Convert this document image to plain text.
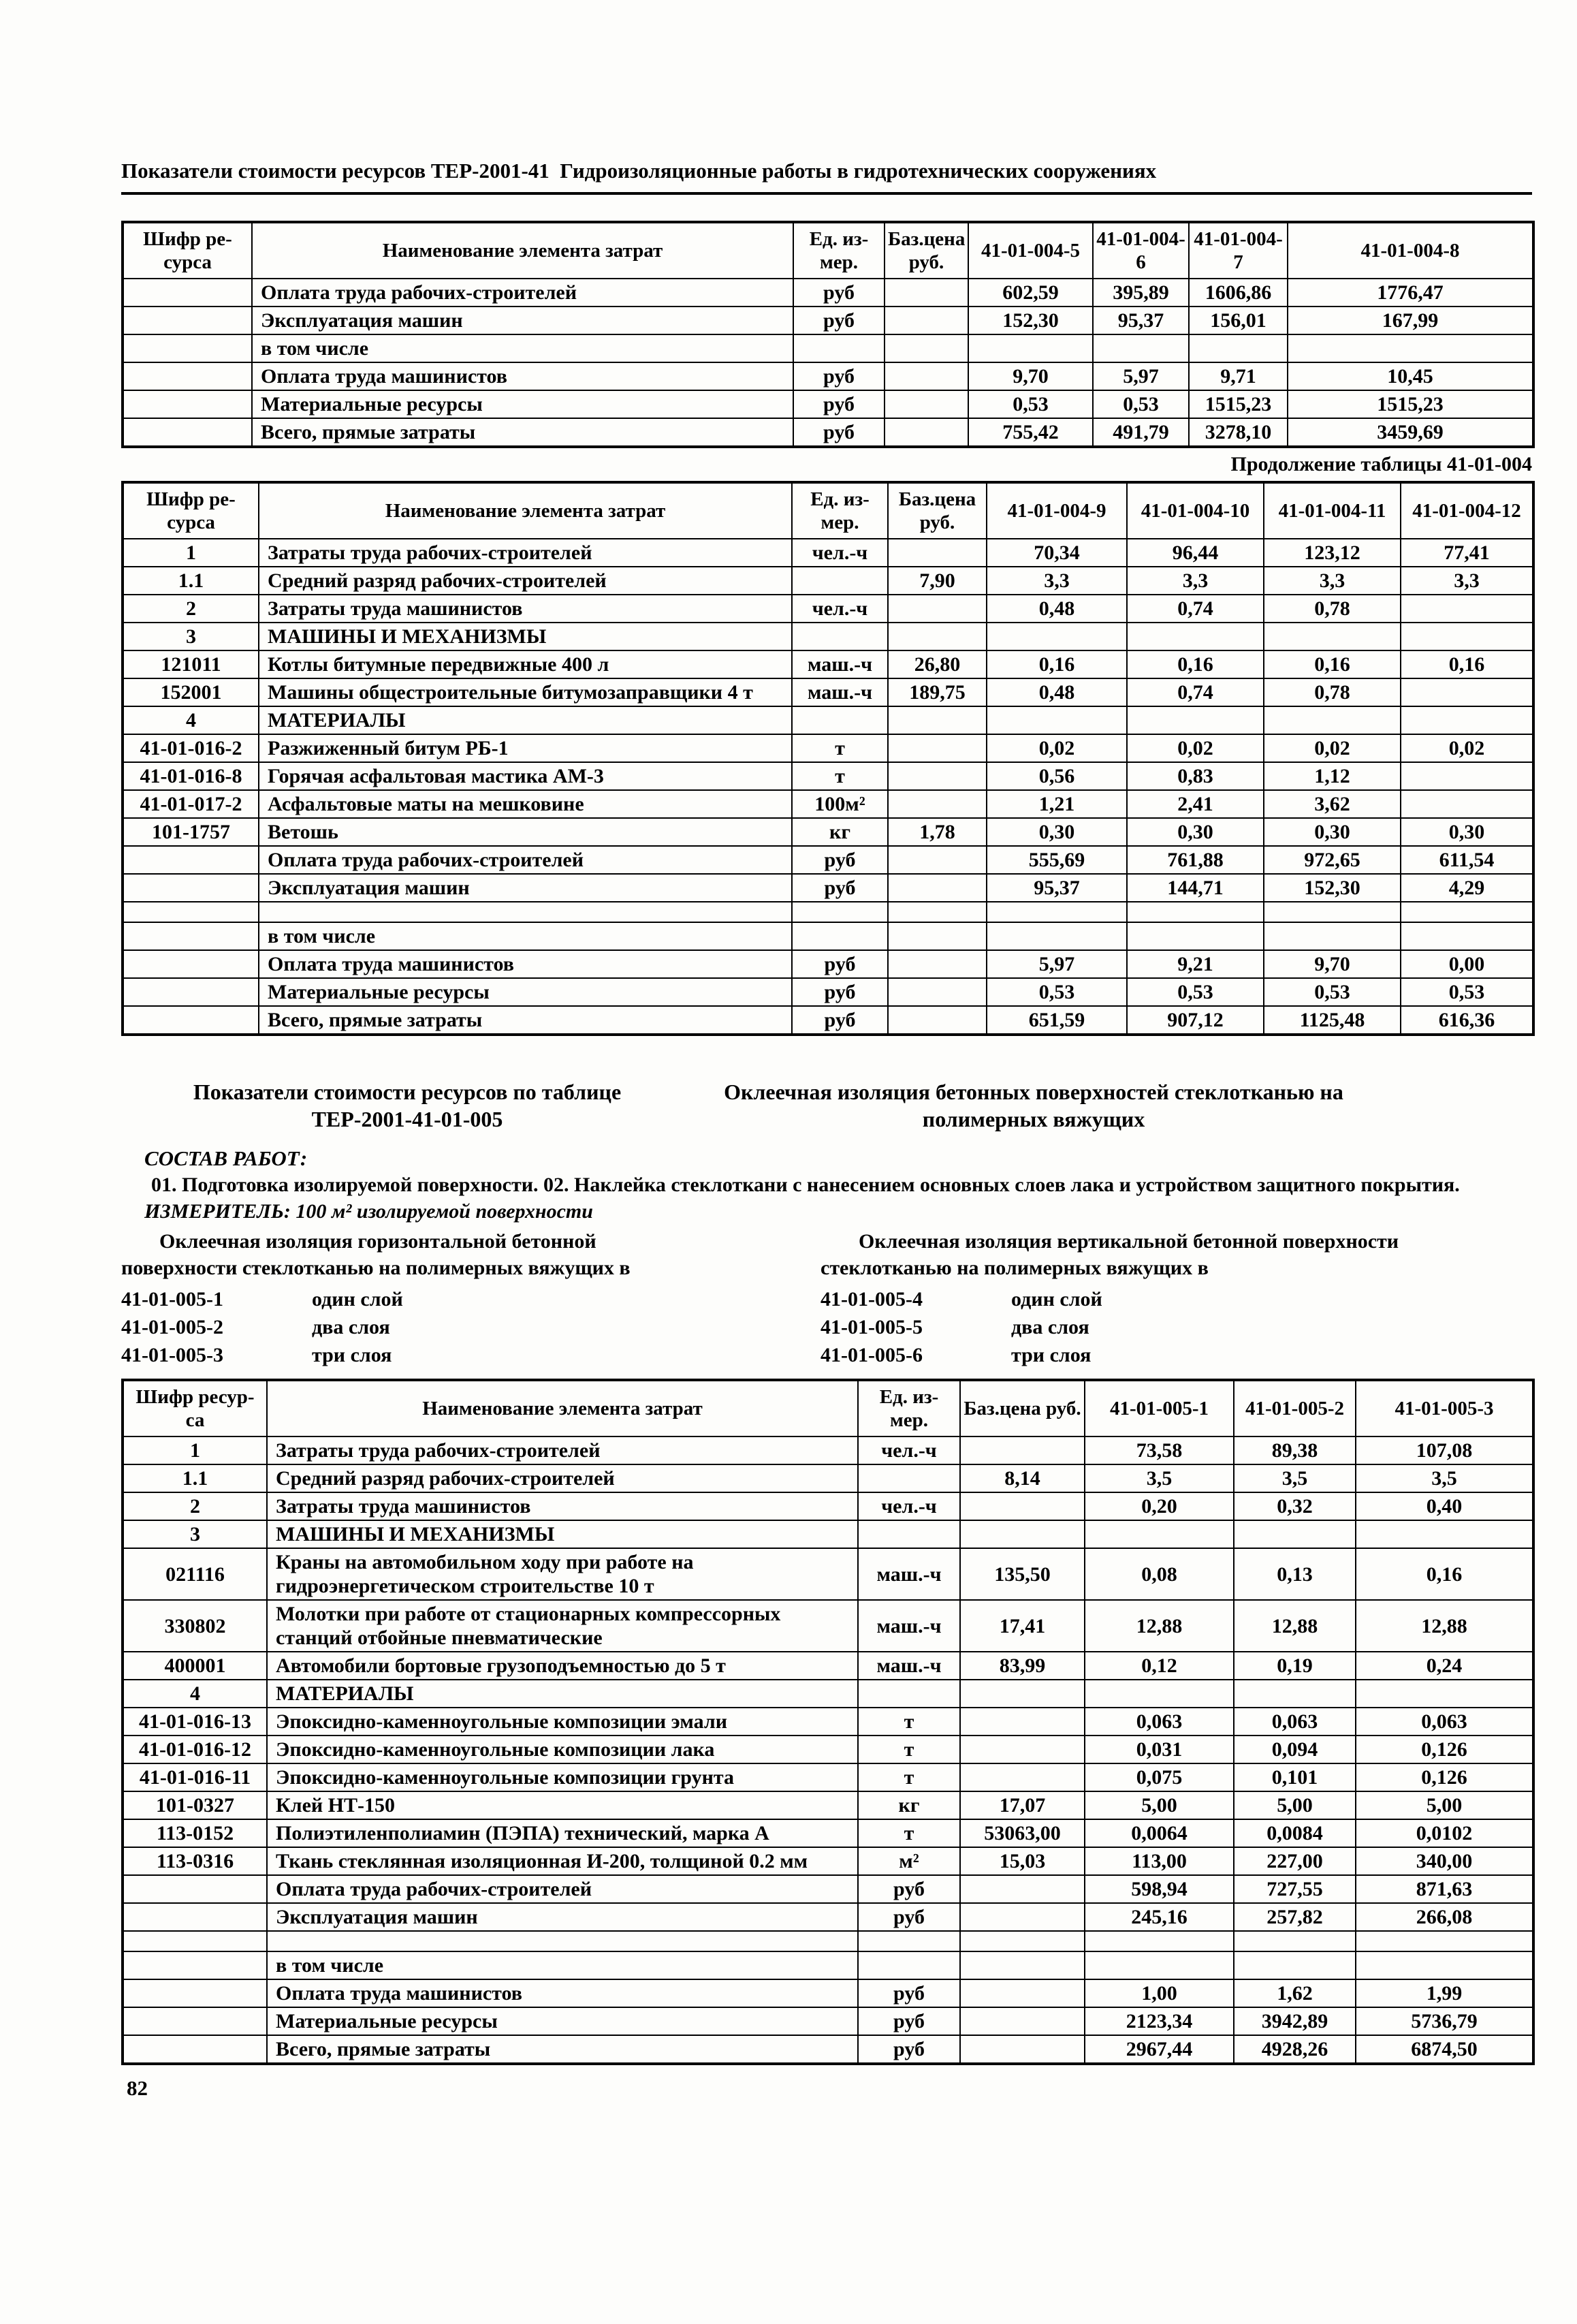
Показатели стоимости ресурсов ТЕР-2001-41  Гидроизоляционные работы в гидротехнических сооружениях
Шифр ре-сурса	Наименование элемента затрат	Ед. из-мер.	Баз.цена руб.	41-01-004-5	41-01-004-6	41-01-004-7	41-01-004-8
	Оплата труда рабочих-строителей	руб		602,59	395,89	1606,86	1776,47
	Эксплуатация машин	руб		152,30	95,37	156,01	167,99
	в том числе						
	Оплата труда машинистов	руб		9,70	5,97	9,71	10,45
	Материальные ресурсы	руб		0,53	0,53	1515,23	1515,23
	Всего, прямые затраты	руб		755,42	491,79	3278,10	3459,69
Продолжение таблицы 41-01-004
Шифр ре-сурса	Наименование элемента затрат	Ед. из-мер.	Баз.цена руб.	41-01-004-9	41-01-004-10	41-01-004-11	41-01-004-12
1	Затраты труда рабочих-строителей	чел.-ч		70,34	96,44	123,12	77,41
1.1	Средний разряд рабочих-строителей		7,90	3,3	3,3	3,3	3,3
2	Затраты труда машинистов	чел.-ч		0,48	0,74	0,78	
3	МАШИНЫ И МЕХАНИЗМЫ						
121011	Котлы битумные передвижные 400 л	маш.-ч	26,80	0,16	0,16	0,16	0,16
152001	Машины общестроительные битумозаправщики 4 т	маш.-ч	189,75	0,48	0,74	0,78	
4	МАТЕРИАЛЫ						
41-01-016-2	Разжиженный битум РБ-1	т		0,02	0,02	0,02	0,02
41-01-016-8	Горячая асфальтовая мастика АМ-3	т		0,56	0,83	1,12	
41-01-017-2	Асфальтовые маты на мешковине	100м²		1,21	2,41	3,62	
101-1757	Ветошь	кг	1,78	0,30	0,30	0,30	0,30
	Оплата труда рабочих-строителей	руб		555,69	761,88	972,65	611,54
	Эксплуатация машин	руб		95,37	144,71	152,30	4,29

	в том числе						
	Оплата труда машинистов	руб		5,97	9,21	9,70	0,00
	Материальные ресурсы	руб		0,53	0,53	0,53	0,53
	Всего, прямые затраты	руб		651,59	907,12	1125,48	616,36
Показатели стоимости ресурсов по таблице
ТЕР-2001-41-01-005
Оклеечная изоляция бетонных поверхностей стеклотканью на полимерных вяжущих
СОСТАВ РАБОТ:

01. Подготовка изолируемой поверхности. 02. Наклейка стеклоткани с нанесением основных слоев лака и устройством защитного покрытия.

ИЗМЕРИТЕЛЬ: 100 м² изолируемой поверхности

Оклеечная изоляция горизонтальной бетонной поверхности стеклотканью на полимерных вяжущих в

41-01-005-1	один слой
41-01-005-2	два слоя
41-01-005-3	три слоя

Оклеечная изоляция вертикальной бетонной поверхности стеклотканью на полимерных вяжущих в

41-01-005-4	один слой
41-01-005-5	два слоя
41-01-005-6	три слоя
Шифр ресур-са	Наименование элемента затрат	Ед. из-мер.	Баз.цена руб.	41-01-005-1	41-01-005-2	41-01-005-3
1	Затраты труда рабочих-строителей	чел.-ч		73,58	89,38	107,08
1.1	Средний разряд рабочих-строителей		8,14	3,5	3,5	3,5
2	Затраты труда машинистов	чел.-ч		0,20	0,32	0,40
3	МАШИНЫ И МЕХАНИЗМЫ					
021116	Краны на автомобильном ходу при работе на гидроэнергетическом строительстве 10 т	маш.-ч	135,50	0,08	0,13	0,16
330802	Молотки при работе от стационарных компрессорных станций отбойные пневматические	маш.-ч	17,41	12,88	12,88	12,88
400001	Автомобили бортовые грузоподъемностью до 5 т	маш.-ч	83,99	0,12	0,19	0,24
4	МАТЕРИАЛЫ					
41-01-016-13	Эпоксидно-каменноугольные композиции эмали	т		0,063	0,063	0,063
41-01-016-12	Эпоксидно-каменноугольные композиции лака	т		0,031	0,094	0,126
41-01-016-11	Эпоксидно-каменноугольные композиции грунта	т		0,075	0,101	0,126
101-0327	Клей НТ-150	кг	17,07	5,00	5,00	5,00
113-0152	Полиэтиленполиамин (ПЭПА) технический, марка А	т	53063,00	0,0064	0,0084	0,0102
113-0316	Ткань стеклянная изоляционная И-200, толщиной 0.2 мм	м²	15,03	113,00	227,00	340,00
	Оплата труда рабочих-строителей	руб		598,94	727,55	871,63
	Эксплуатация машин	руб		245,16	257,82	266,08

	в том числе					
	Оплата труда машинистов	руб		1,00	1,62	1,99
	Материальные ресурсы	руб		2123,34	3942,89	5736,79
	Всего, прямые затраты	руб		2967,44	4928,26	6874,50
82
